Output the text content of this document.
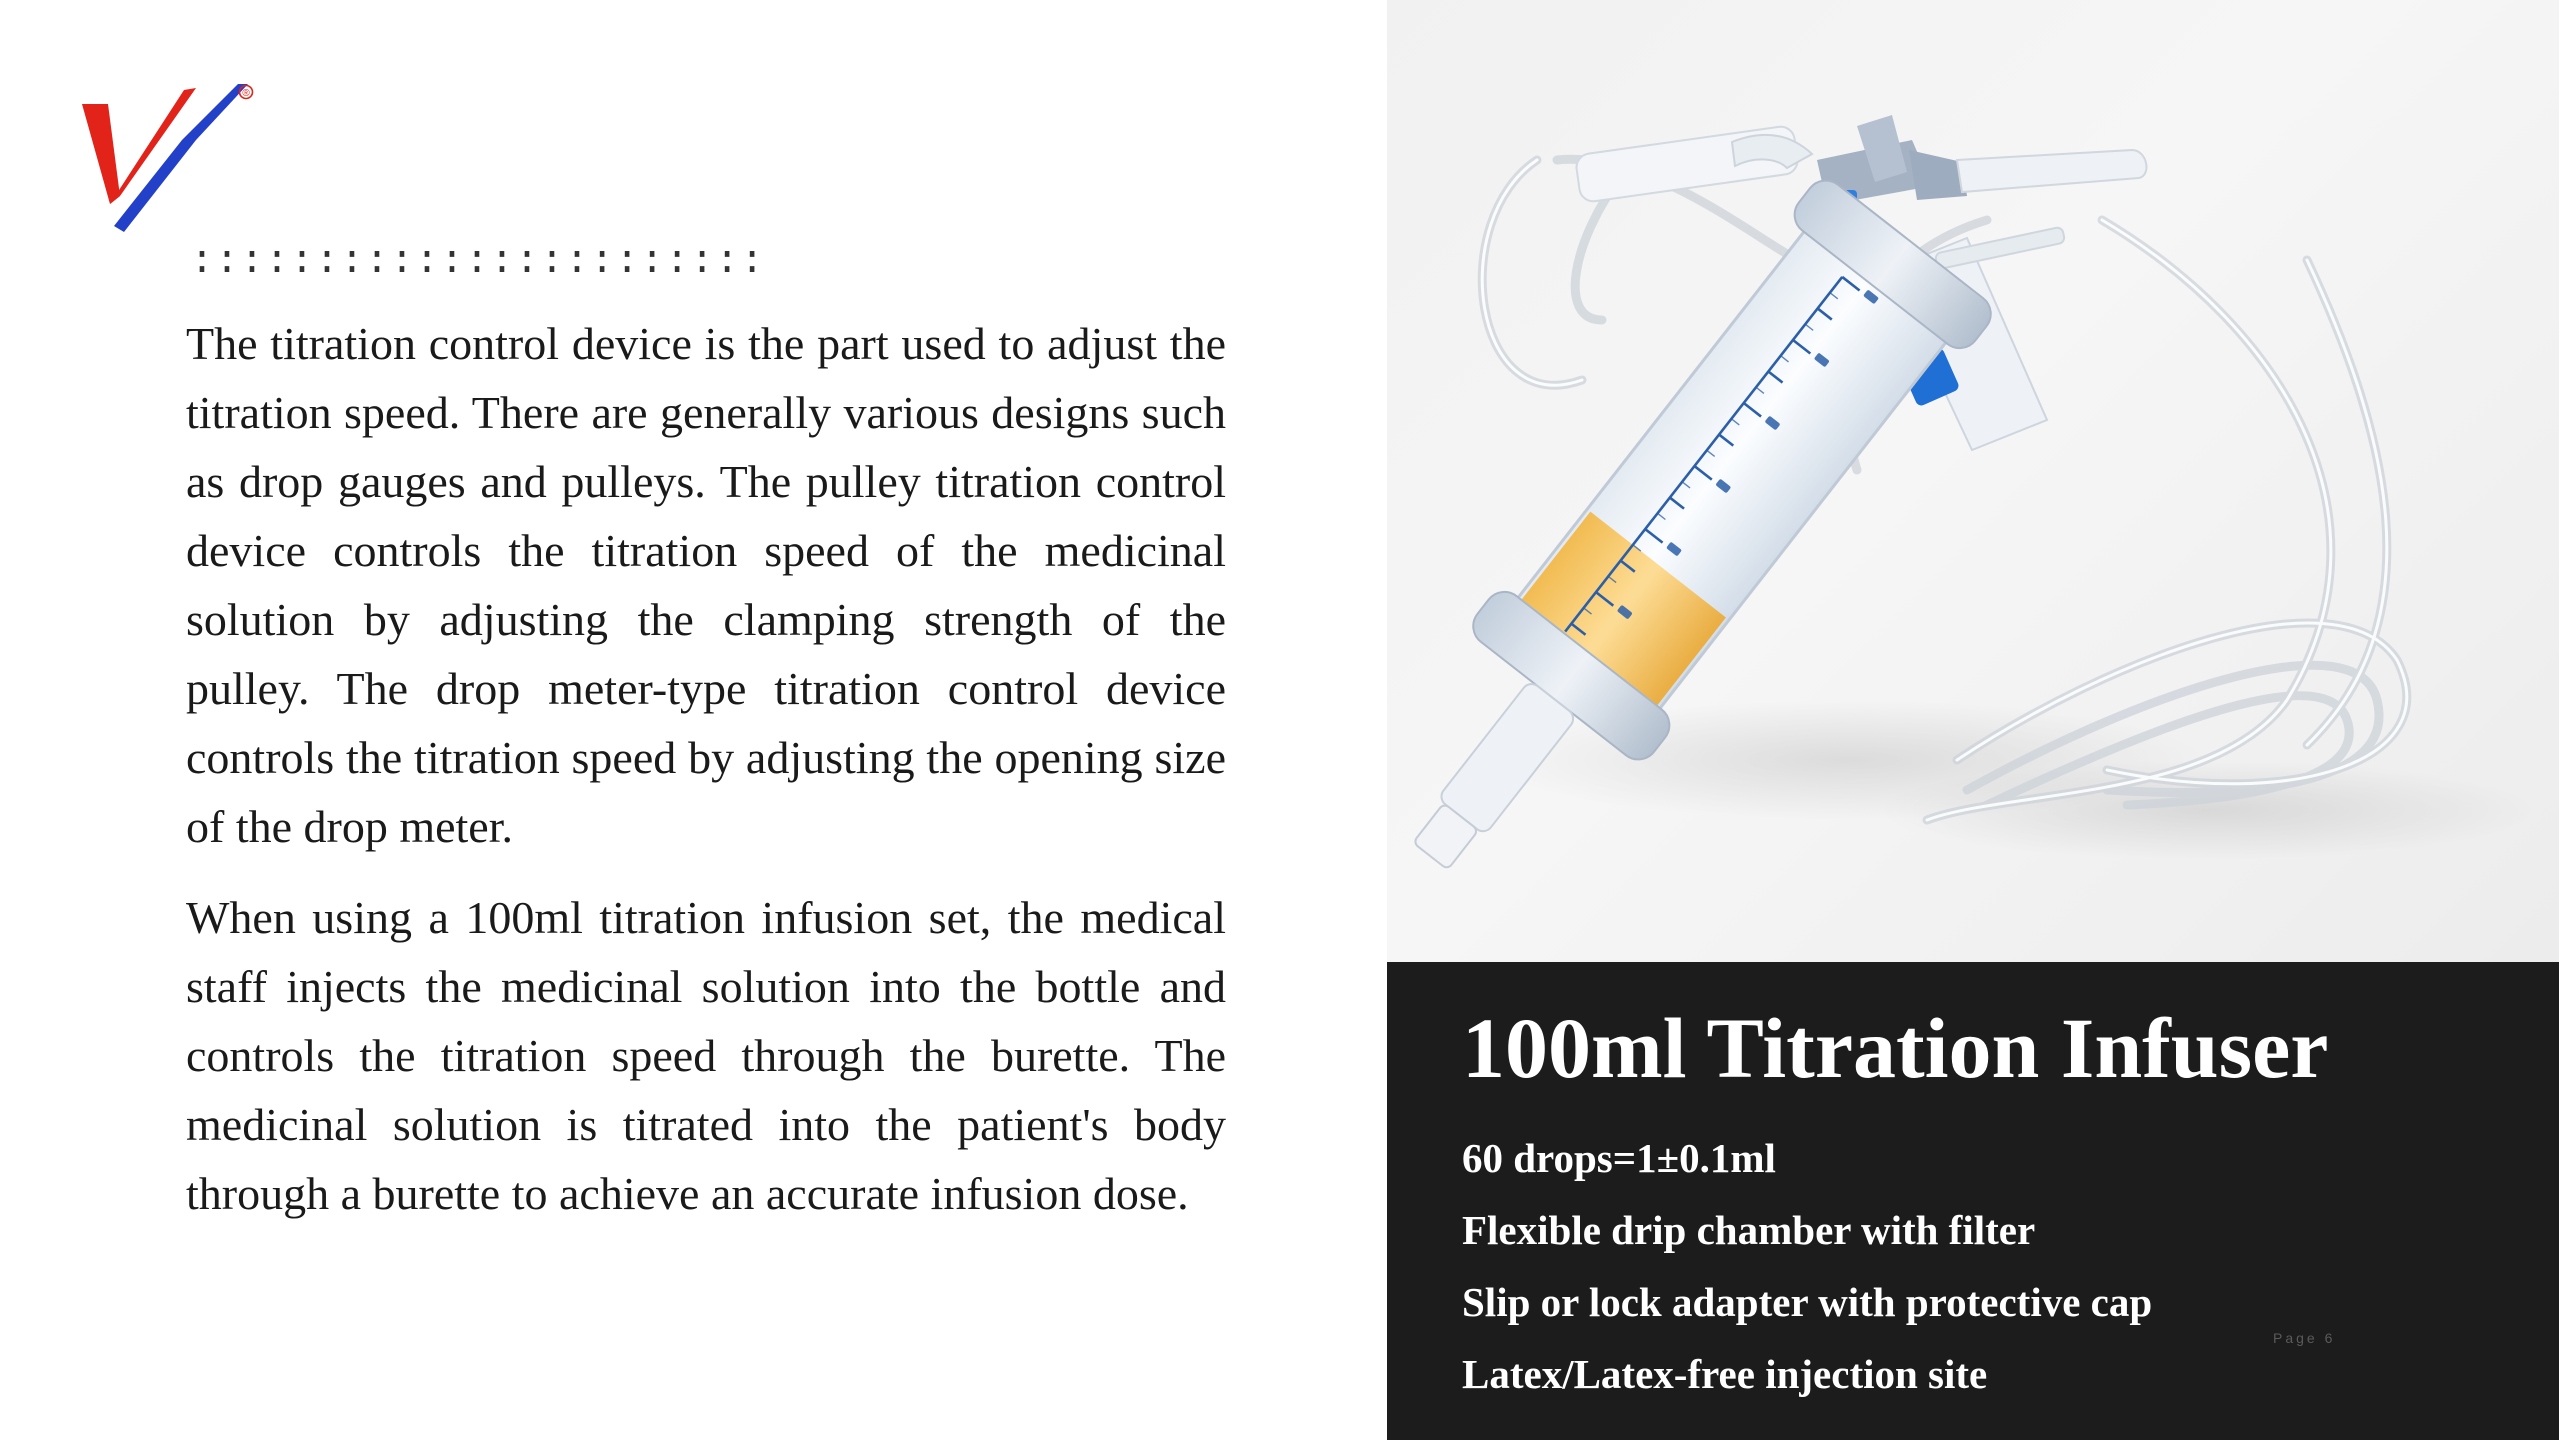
®
:::::::::::::::::::::::

The titration control device is the part used to adjust the titration speed. There are generally various designs such as drop gauges and pulleys. The pulley titration control device controls the titration speed of the medicinal solution by adjusting the clamping strength of the pulley. The drop meter-type titration control device controls the titration speed by adjusting the opening size of the drop meter.

When using a 100ml titration infusion set, the medical staff injects the medicinal solution into the bottle and controls the titration speed through the burette. The medicinal solution is titrated into the patient's body through a burette to achieve an accurate infusion dose.

100ml Titration Infuser
60 drops=1±0.1ml
Flexible drip chamber with filter
Slip or lock adapter with protective cap
Latex/Latex-free injection site
Page 6
